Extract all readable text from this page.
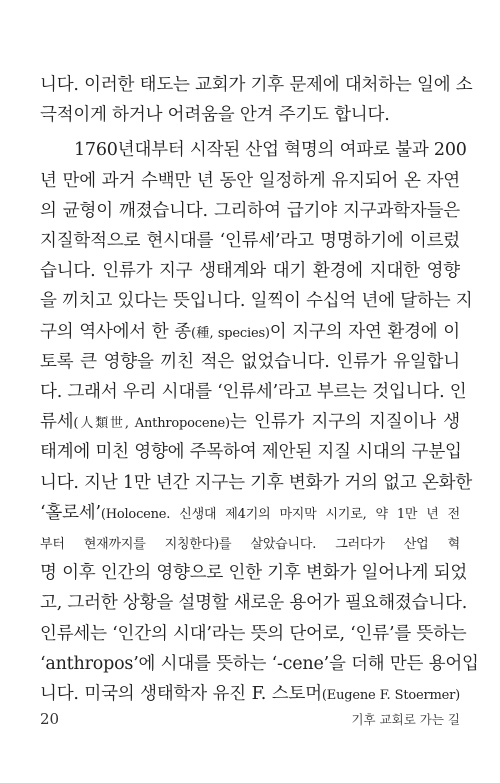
니다. 이러한 태도는 교회가 기후 문제에 대처하는 일에 소
극적이게 하거나 어려움을 안겨 주기도 합니다.
1760년대부터 시작된 산업 혁명의 여파로 불과 200
년 만에 과거 수백만 년 동안 일정하게 유지되어 온 자연
의 균형이 깨졌습니다. 그리하여 급기야 지구과학자들은
지질학적으로 현시대를 ‘인류세’라고 명명하기에 이르렀
습니다. 인류가 지구 생태계와 대기 환경에 지대한 영향
을 끼치고 있다는 뜻입니다. 일찍이 수십억 년에 달하는 지
구의 역사에서 한 종(種, species)이 지구의 자연 환경에 이
토록 큰 영향을 끼친 적은 없었습니다. 인류가 유일합니
다. 그래서 우리 시대를 ‘인류세’라고 부르는 것입니다. 인
류세(人類世, Anthropocene)는 인류가 지구의 지질이나 생
태계에 미친 영향에 주목하여 제안된 지질 시대의 구분입
니다. 지난 1만 년간 지구는 기후 변화가 거의 없고 온화한
‘홀로세’(Holocene. 신생대 제4기의 마지막 시기로, 약 1만 년 전
부터 현재까지를 지칭한다)를 살았습니다. 그러다가 산업 혁
명 이후 인간의 영향으로 인한 기후 변화가 일어나게 되었
고, 그러한 상황을 설명할 새로운 용어가 필요해졌습니다.
인류세는 ‘인간의 시대’라는 뜻의 단어로, ‘인류’를 뜻하는
‘anthropos’에 시대를 뜻하는 ‘-cene’을 더해 만든 용어입
니다. 미국의 생태학자 유진 F. 스토머(Eugene F. Stoermer)
20	기후 교회로 가는 길
